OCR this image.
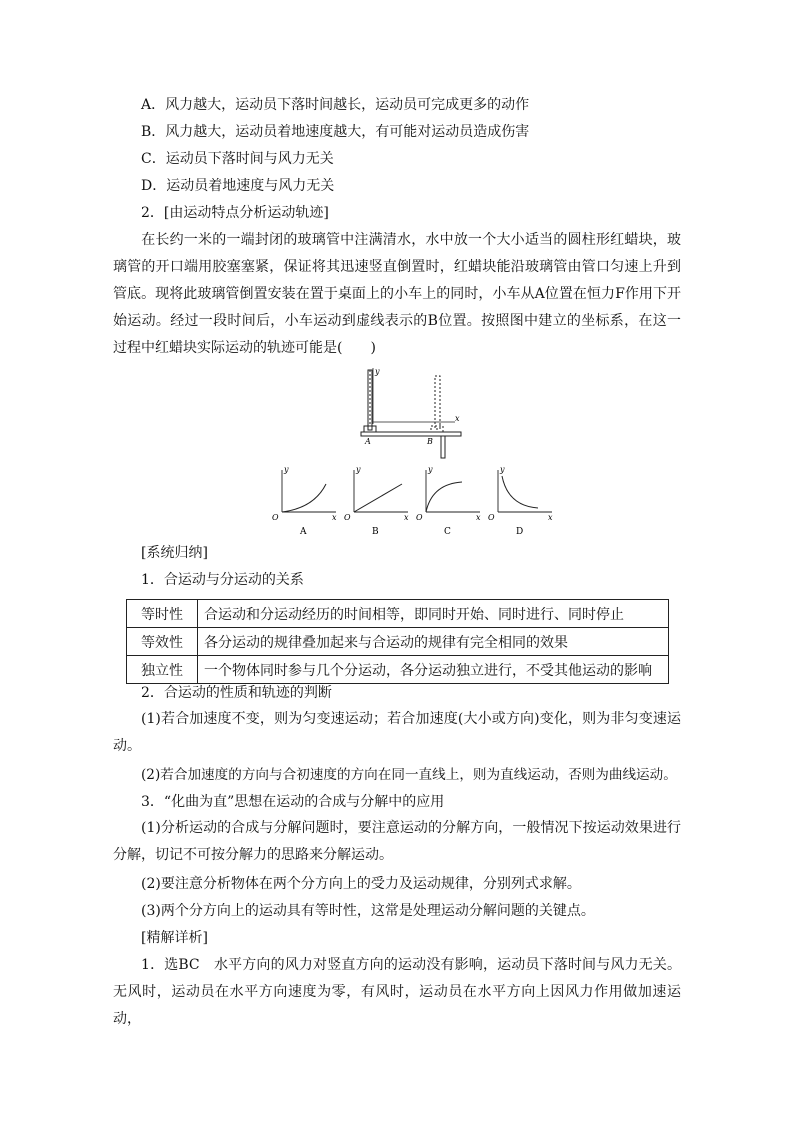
A．风力越大，运动员下落时间越长，运动员可完成更多的动作
B．风力越大，运动员着地速度越大，有可能对运动员造成伤害
C．运动员下落时间与风力无关
D．运动员着地速度与风力无关
2．[由运动特点分析运动轨迹]
在长约一米的一端封闭的玻璃管中注满清水，水中放一个大小适当的圆柱形红蜡块，玻璃管的开口端用胶塞塞紧，保证将其迅速竖直倒置时，红蜡块能沿玻璃管由管口匀速上升到管底。现将此玻璃管倒置安装在置于桌面上的小车上的同时，小车从A位置在恒力F作用下开始运动。经过一段时间后，小车运动到虚线表示的B位置。按照图中建立的坐标系，在这一过程中红蜡块实际运动的轨迹可能是(　　)
y
x
A	B
y
x
O
A
y
x
O
B
y
x
O
C
y
x
O
D
[系统归纳]
1．合运动与分运动的关系
等时性	合运动和分运动经历的时间相等，即同时开始、同时进行、同时停止
等效性	各分运动的规律叠加起来与合运动的规律有完全相同的效果
独立性	一个物体同时参与几个分运动，各分运动独立进行，不受其他运动的影响
2．合运动的性质和轨迹的判断
(1)若合加速度不变，则为匀变速运动；若合加速度(大小或方向)变化，则为非匀变速运动。
(2)若合加速度的方向与合初速度的方向在同一直线上，则为直线运动，否则为曲线运动。
3．“化曲为直”思想在运动的合成与分解中的应用
(1)分析运动的合成与分解问题时，要注意运动的分解方向，一般情况下按运动效果进行分解，切记不可按分解力的思路来分解运动。
(2)要注意分析物体在两个分方向上的受力及运动规律，分别列式求解。
(3)两个分方向上的运动具有等时性，这常是处理运动分解问题的关键点。
[精解详析]
1．选BC　水平方向的风力对竖直方向的运动没有影响，运动员下落时间与风力无关。无风时，运动员在水平方向速度为零，有风时，运动员在水平方向上因风力作用做加速运动，
